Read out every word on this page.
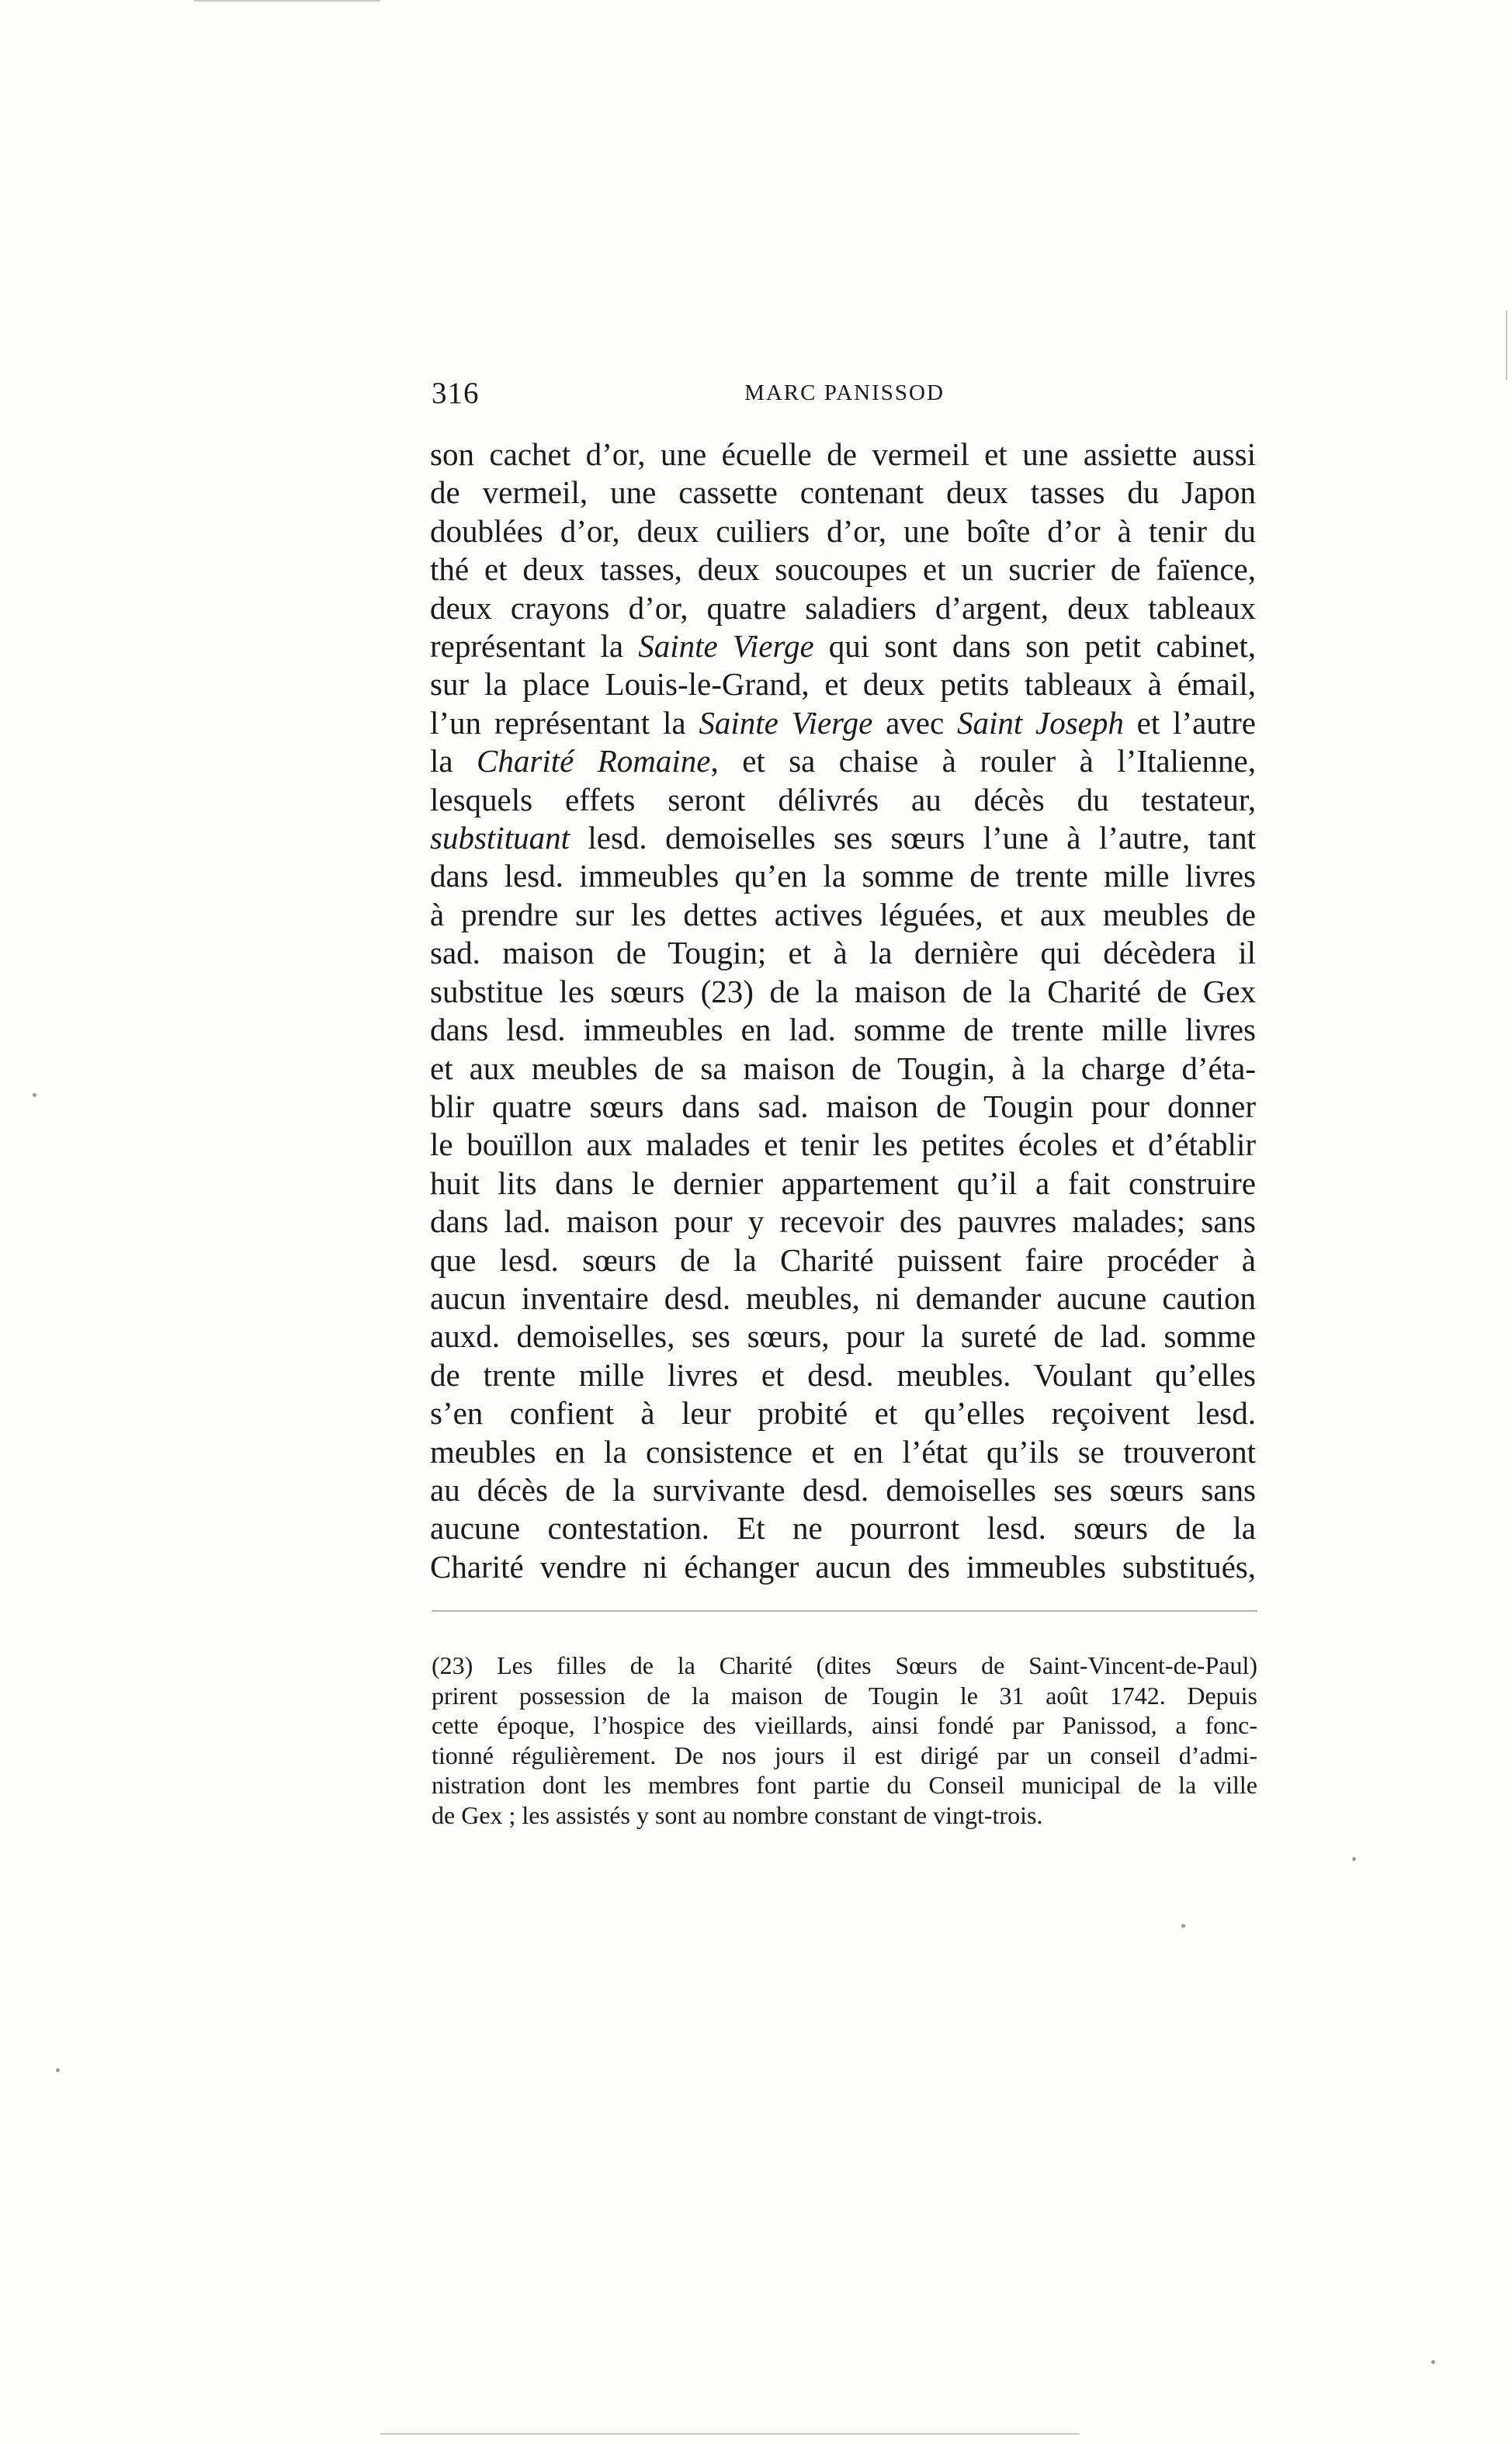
316	MARC PANISSOD
son cachet d’or, une écuelle de vermeil et une assiette aussi
de vermeil, une cassette contenant deux tasses du Japon
doublées d’or, deux cuiliers d’or, une boîte d’or à tenir du
thé et deux tasses, deux soucoupes et un sucrier de faïence,
deux crayons d’or, quatre saladiers d’argent, deux tableaux
représentant la Sainte Vierge qui sont dans son petit cabinet,
sur la place Louis-le-Grand, et deux petits tableaux à émail,
l’un représentant la Sainte Vierge avec Saint Joseph et l’autre
la Charité Romaine, et sa chaise à rouler à l’Italienne,
lesquels effets seront délivrés au décès du testateur,
substituant lesd. demoiselles ses sœurs l’une à l’autre, tant
dans lesd. immeubles qu’en la somme de trente mille livres
à prendre sur les dettes actives léguées, et aux meubles de
sad. maison de Tougin; et à la dernière qui décèdera il
substitue les sœurs (23) de la maison de la Charité de Gex
dans lesd. immeubles en lad. somme de trente mille livres
et aux meubles de sa maison de Tougin, à la charge d’éta-
blir quatre sœurs dans sad. maison de Tougin pour donner
le bouïllon aux malades et tenir les petites écoles et d’établir
huit lits dans le dernier appartement qu’il a fait construire
dans lad. maison pour y recevoir des pauvres malades; sans
que lesd. sœurs de la Charité puissent faire procéder à
aucun inventaire desd. meubles, ni demander aucune caution
auxd. demoiselles, ses sœurs, pour la sureté de lad. somme
de trente mille livres et desd. meubles. Voulant qu’elles
s’en confient à leur probité et qu’elles reçoivent lesd.
meubles en la consistence et en l’état qu’ils se trouveront
au décès de la survivante desd. demoiselles ses sœurs sans
aucune contestation. Et ne pourront lesd. sœurs de la
Charité vendre ni échanger aucun des immeubles substitués,
(23) Les filles de la Charité (dites Sœurs de Saint-Vincent-de-Paul)
prirent possession de la maison de Tougin le 31 août 1742. Depuis
cette époque, l’hospice des vieillards, ainsi fondé par Panissod, a fonc-
tionné régulièrement. De nos jours il est dirigé par un conseil d’admi-
nistration dont les membres font partie du Conseil municipal de la ville
de Gex ; les assistés y sont au nombre constant de vingt-trois.
